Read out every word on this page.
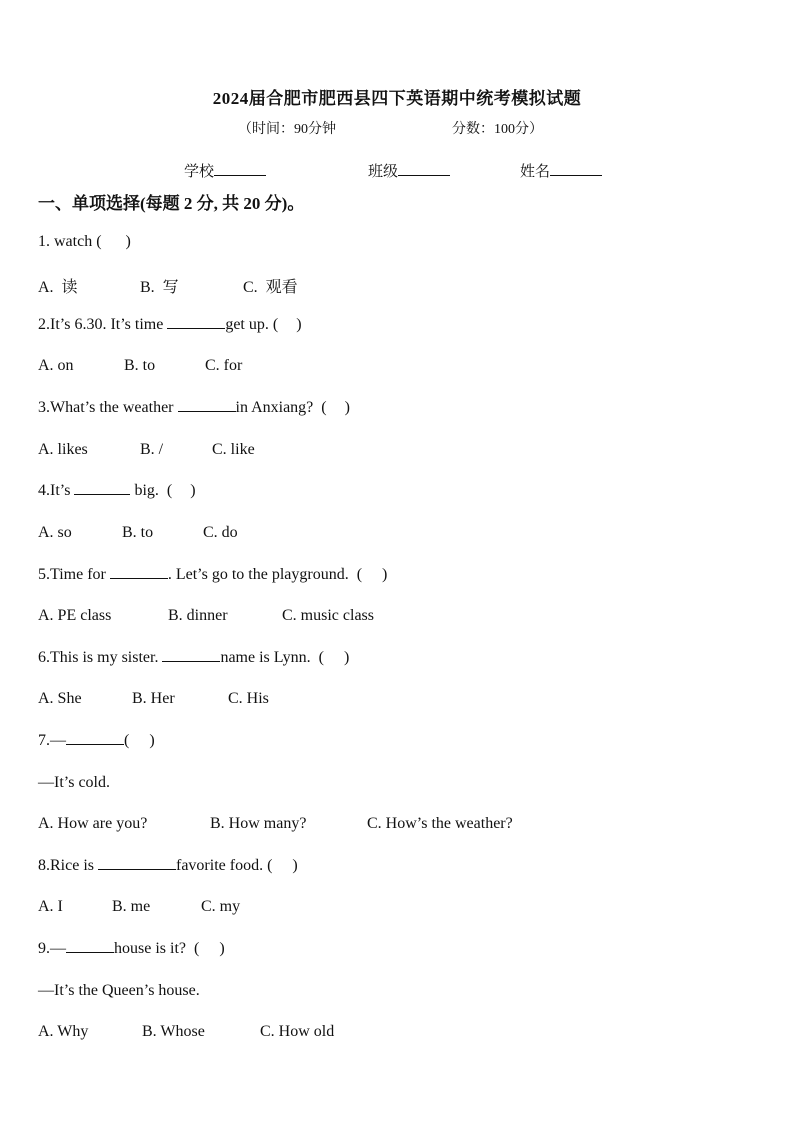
2024届合肥市肥西县四下英语期中统考模拟试题
（时间：90分钟	分数：100分）
学校	班级	姓名
一、单项选择(每题 2 分, 共 20 分)。
1. watch ( )
A.  读	B.  写	C.  观看
2.It’s 6.30. It’s time	get up. ( )
A. on	B. to	C. for
3.What’s the weather	in Anxiang?  ( )
A. likes	B. /	C. like
4.It’s	big.  ( )
A. so	B. to	C. do
5.Time for	. Let’s go to the playground.  ( )
A. PE class	B. dinner	C. music class
6.This is my sister.	name is Lynn.  ( )
A. She	B. Her	C. His
7.—	( )
—It’s cold.
A. How are you?	B. How many?	C. How’s the weather?
8.Rice is	favorite food. ( )
A. I	B. me	C. my
9.—	house is it?  ( )
—It’s the Queen’s house.
A. Why	B. Whose	C. How old
